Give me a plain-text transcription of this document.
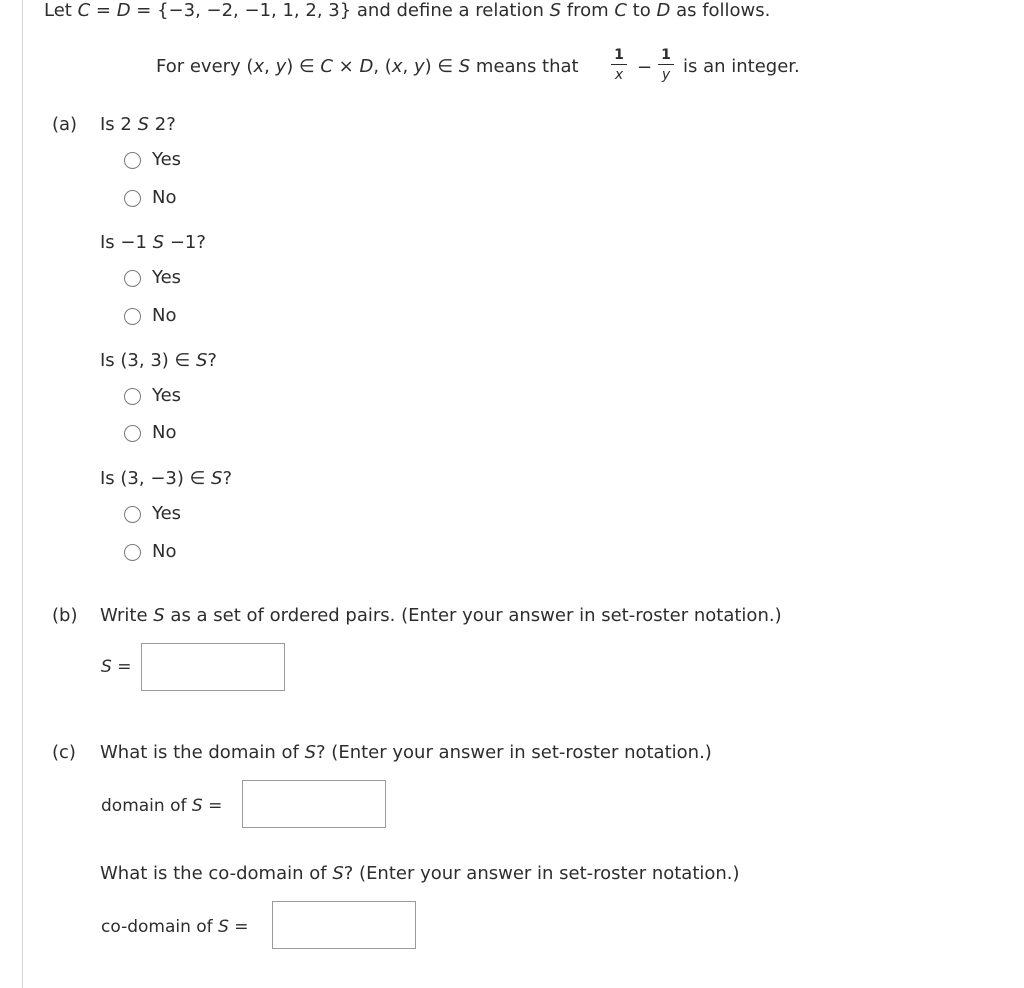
Let C = D = {−3, −2, −1, 1, 2, 3} and define a relation S from C to D as follows.
For every (x, y) ∈ C × D, (x, y) ∈ S means that
1
x −
1
y is an integer.
(a) Is 2 S 2?
Yes
No
Is −1 S −1?
Yes
No
Is (3, 3) ∈ S?
Yes
No
Is (3, −3) ∈ S?
Yes
No
(b) Write S as a set of ordered pairs. (Enter your answer in set-roster notation.)
S =
(c) What is the domain of S? (Enter your answer in set-roster notation.)
domain of S =
What is the co-domain of S? (Enter your answer in set-roster notation.)
co-domain of S =
